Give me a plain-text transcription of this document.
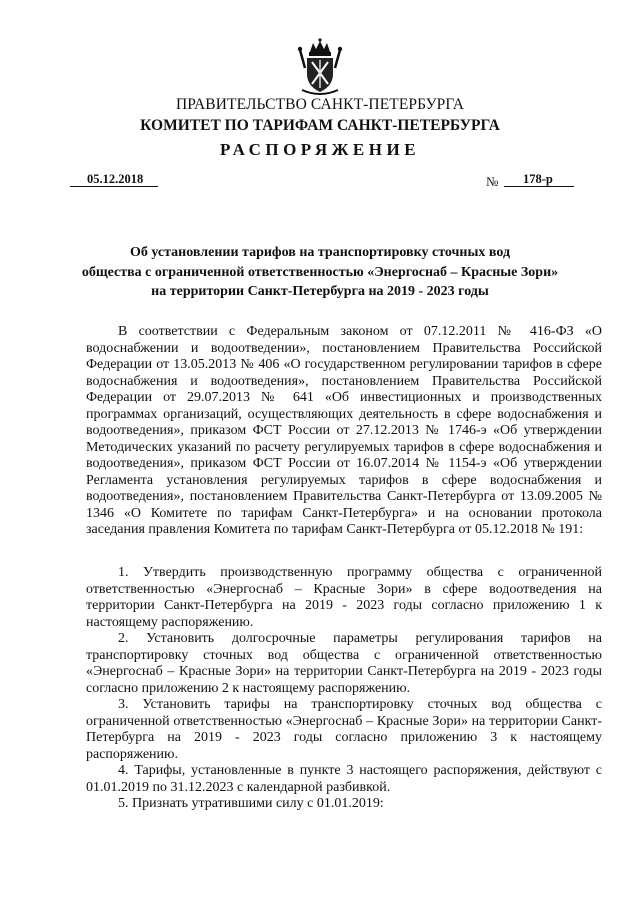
ПРАВИТЕЛЬСТВО САНКТ-ПЕТЕРБУРГА
КОМИТЕТ ПО ТАРИФАМ САНКТ-ПЕТЕРБУРГА
РАСПОРЯЖЕНИЕ
05.12.2018	№ 178-р
Об установлении тарифов на транспортировку сточных вод
общества с ограниченной ответственностью «Энергоснаб – Красные Зори»
на территории Санкт-Петербурга на 2019 - 2023 годы
В соответствии с Федеральным законом от 07.12.2011 № 416-ФЗ «О водоснабжении и водоотведении», постановлением Правительства Российской Федерации от 13.05.2013 № 406 «О государственном регулировании тарифов в сфере водоснабжения и водоотведения», постановлением Правительства Российской Федерации от 29.07.2013 № 641 «Об инвестиционных и производственных программах организаций, осуществляющих деятельность в сфере водоснабжения и водоотведения», приказом ФСТ России от 27.12.2013 № 1746-э «Об утверждении Методических указаний по расчету регулируемых тарифов в сфере водоснабжения и водоотведения», приказом ФСТ России от 16.07.2014 № 1154-э «Об утверждении Регламента установления регулируемых тарифов в сфере водоснабжения и водоотведения», постановлением Правительства Санкт-Петербурга от 13.09.2005 № 1346 «О Комитете по тарифам Санкт-Петербурга» и на основании протокола заседания правления Комитета по тарифам Санкт-Петербурга от 05.12.2018 № 191:
1. Утвердить производственную программу общества с ограниченной ответственностью «Энергоснаб – Красные Зори» в сфере водоотведения на территории Санкт-Петербурга на 2019 - 2023 годы согласно приложению 1 к настоящему распоряжению.
2. Установить долгосрочные параметры регулирования тарифов на транспортировку сточных вод общества с ограниченной ответственностью «Энергоснаб – Красные Зори» на территории Санкт-Петербурга на 2019 - 2023 годы согласно приложению 2 к настоящему распоряжению.
3. Установить тарифы на транспортировку сточных вод общества с ограниченной ответственностью «Энергоснаб – Красные Зори» на территории Санкт-Петербурга на 2019 - 2023 годы согласно приложению 3 к настоящему распоряжению.
4. Тарифы, установленные в пункте 3 настоящего распоряжения, действуют с 01.01.2019 по 31.12.2023 с календарной разбивкой.
5. Признать утратившими силу с 01.01.2019:
